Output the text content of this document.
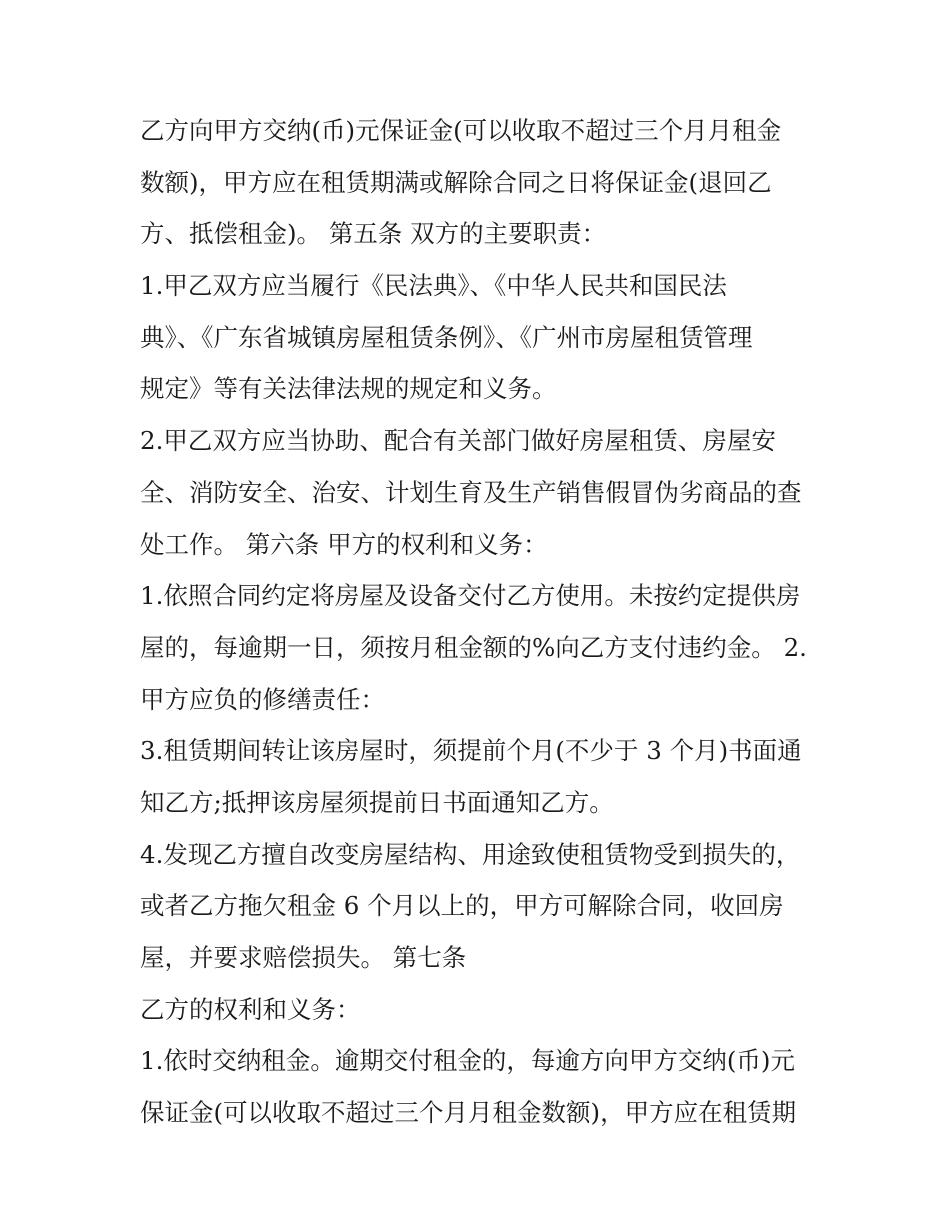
乙方向甲方交纳(币)元保证金(可以收取不超过三个月月租金
数额)，甲方应在租赁期满或解除合同之日将保证金(退回乙
方、抵偿租金)。 第五条 双方的主要职责：
1.甲乙双方应当履行《民法典》、《中华人民共和国民法
典》、《广东省城镇房屋租赁条例》、《广州市房屋租赁管理
规定》等有关法律法规的规定和义务。
2.甲乙双方应当协助、配合有关部门做好房屋租赁、房屋安
全、消防安全、治安、计划生育及生产销售假冒伪劣商品的查
处工作。 第六条 甲方的权利和义务：
1.依照合同约定将房屋及设备交付乙方使用。未按约定提供房
屋的，每逾期一日，须按月租金额的%向乙方支付违约金。 2.
甲方应负的修缮责任：
3.租赁期间转让该房屋时，须提前个月(不少于 3 个月)书面通
知乙方;抵押该房屋须提前日书面通知乙方。
4.发现乙方擅自改变房屋结构、用途致使租赁物受到损失的，
或者乙方拖欠租金 6 个月以上的，甲方可解除合同，收回房
屋，并要求赔偿损失。 第七条
乙方的权利和义务：
1.依时交纳租金。逾期交付租金的，每逾方向甲方交纳(币)元
保证金(可以收取不超过三个月月租金数额)，甲方应在租赁期
